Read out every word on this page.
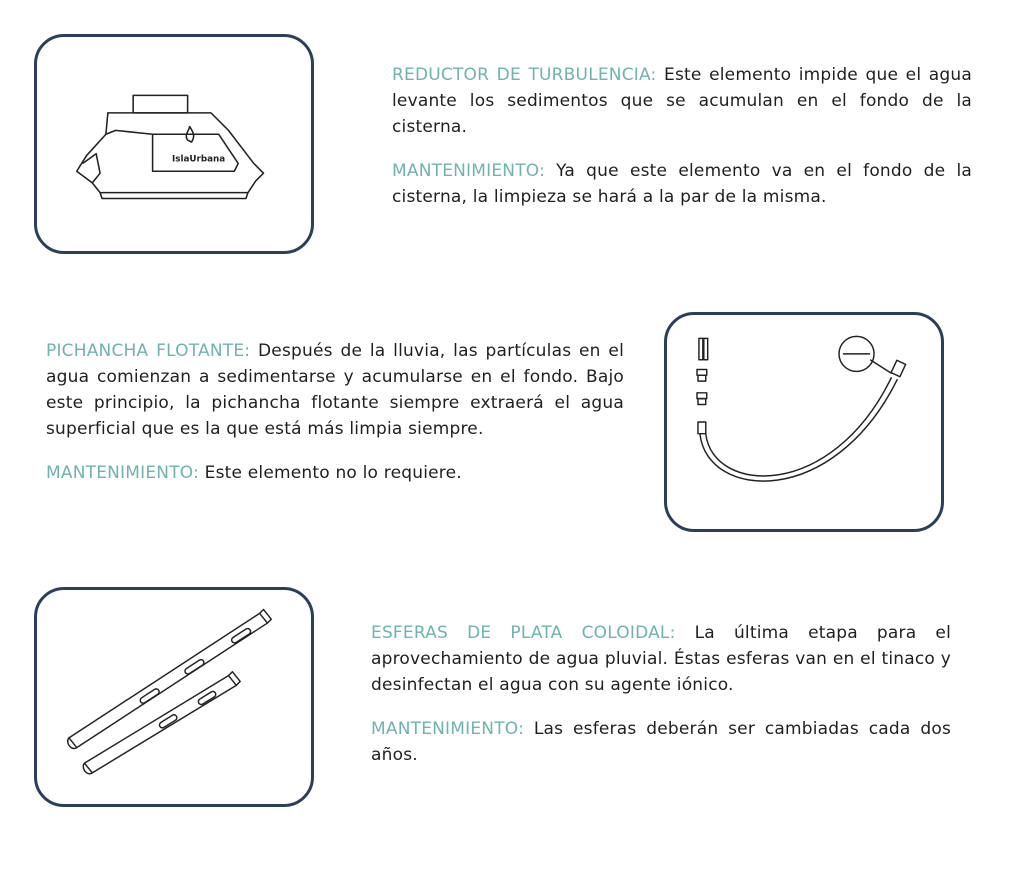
IslaUrbana

REDUCTOR DE TURBULENCIA: Este elemento impide que el agua levante los sedimentos que se acumulan en el fondo de la cisterna.

MANTENIMIENTO: Ya que este elemento va en el fondo de la cisterna, la limpieza se hará a la par de la misma.

PICHANCHA FLOTANTE: Después de la lluvia, las partículas en el agua comienzan a sedimentarse y acumularse en el fondo. Bajo este principio, la pichancha flotante siempre extraerá el agua superficial que es la que está más limpia siempre.

MANTENIMIENTO: Este elemento no lo requiere.

ESFERAS DE PLATA COLOIDAL: La última etapa para el aprovechamiento de agua pluvial. Éstas esferas van en el tinaco y desinfectan el agua con su agente iónico.

MANTENIMIENTO: Las esferas deberán ser cambiadas cada dos años.
